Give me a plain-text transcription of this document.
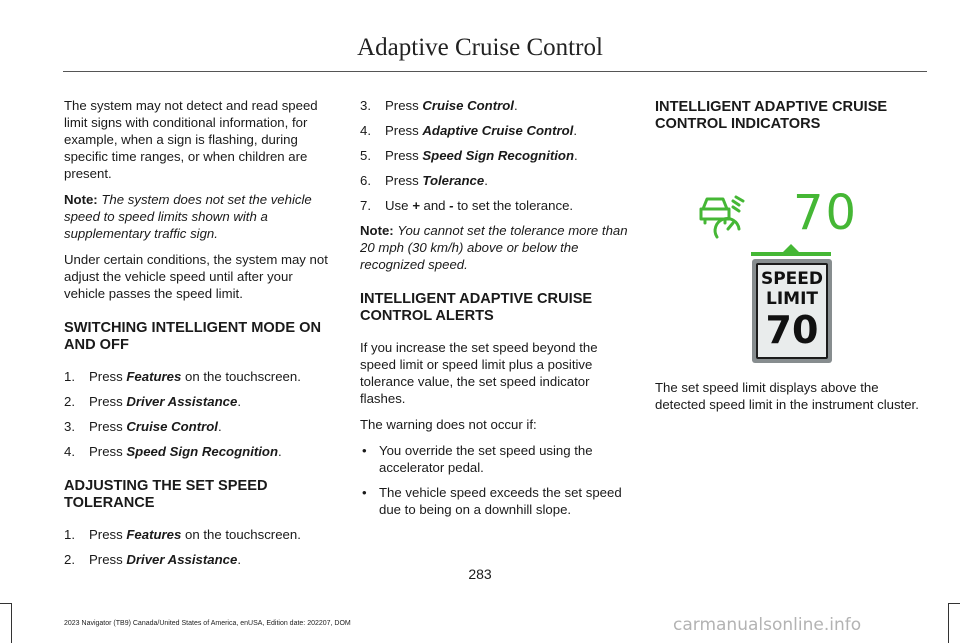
Adaptive Cruise Control

The system may not detect and read speed limit signs with conditional information, for example, when a sign is flashing, during specific time ranges, or when children are present.

Note: The system does not set the vehicle speed to speed limits shown with a supplementary traffic sign.

Under certain conditions, the system may not adjust the vehicle speed until after your vehicle passes the speed limit.

SWITCHING INTELLIGENT MODE ON AND OFF
1.	Press Features on the touchscreen.
2.	Press Driver Assistance.
3.	Press Cruise Control.
4.	Press Speed Sign Recognition.
ADJUSTING THE SET SPEED TOLERANCE
1.	Press Features on the touchscreen.
2.	Press Driver Assistance.
3.	Press Cruise Control.
4.	Press Adaptive Cruise Control.
5.	Press Speed Sign Recognition.
6.	Press Tolerance.
7.	Use + and - to set the tolerance.

Note: You cannot set the tolerance more than 20 mph (30 km/h) above or below the recognized speed.

INTELLIGENT ADAPTIVE CRUISE CONTROL ALERTS

If you increase the set speed beyond the speed limit or speed limit plus a positive tolerance value, the set speed indicator flashes.

The warning does not occur if:

• You override the set speed using the accelerator pedal.
• The vehicle speed exceeds the set speed due to being on a downhill slope.
INTELLIGENT ADAPTIVE CRUISE CONTROL INDICATORS
70
SPEED
LIMIT
70

The set speed limit displays above the detected speed limit in the instrument cluster.

283
2023 Navigator (TB9) Canada/United States of America, enUSA, Edition date: 202207, DOM	carmanualsonline.info
